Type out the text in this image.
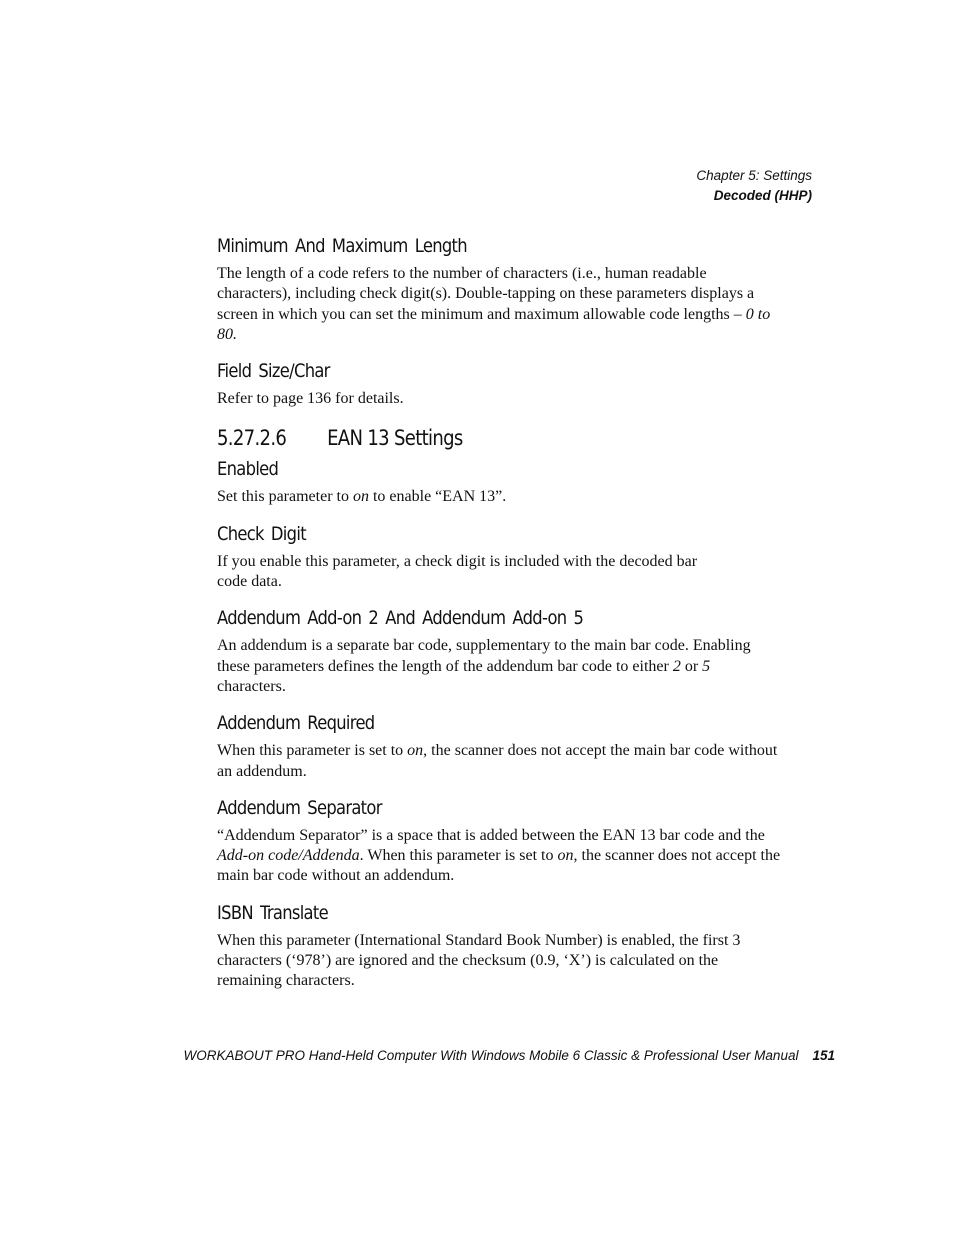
Chapter 5: Settings
Decoded (HHP)
Minimum And Maximum Length

The length of a code refers to the number of characters (i.e., human readable characters), including check digit(s). Double-tapping on these parameters displays a screen in which you can set the minimum and maximum allowable code lengths – 0 to 80.

Field Size/Char

Refer to page 136 for details.

5.27.2.6 EAN 13 Settings
Enabled

Set this parameter to on to enable “EAN 13”.

Check Digit

If you enable this parameter, a check digit is included with the decoded bar
code data.

Addendum Add-on 2 And Addendum Add-on 5

An addendum is a separate bar code, supplementary to the main bar code. Enabling these parameters defines the length of the addendum bar code to either 2 or 5 characters.

Addendum Required

When this parameter is set to on, the scanner does not accept the main bar code without an addendum.

Addendum Separator

“Addendum Separator” is a space that is added between the EAN 13 bar code and the Add-on code/Addenda. When this parameter is set to on, the scanner does not accept the main bar code without an addendum.

ISBN Translate

When this parameter (International Standard Book Number) is enabled, the first 3 characters (‘978’) are ignored and the checksum (0.9, ‘X’) is calculated on the remaining characters.

WORKABOUT PRO Hand-Held Computer With Windows Mobile 6 Classic & Professional User Manual 151
